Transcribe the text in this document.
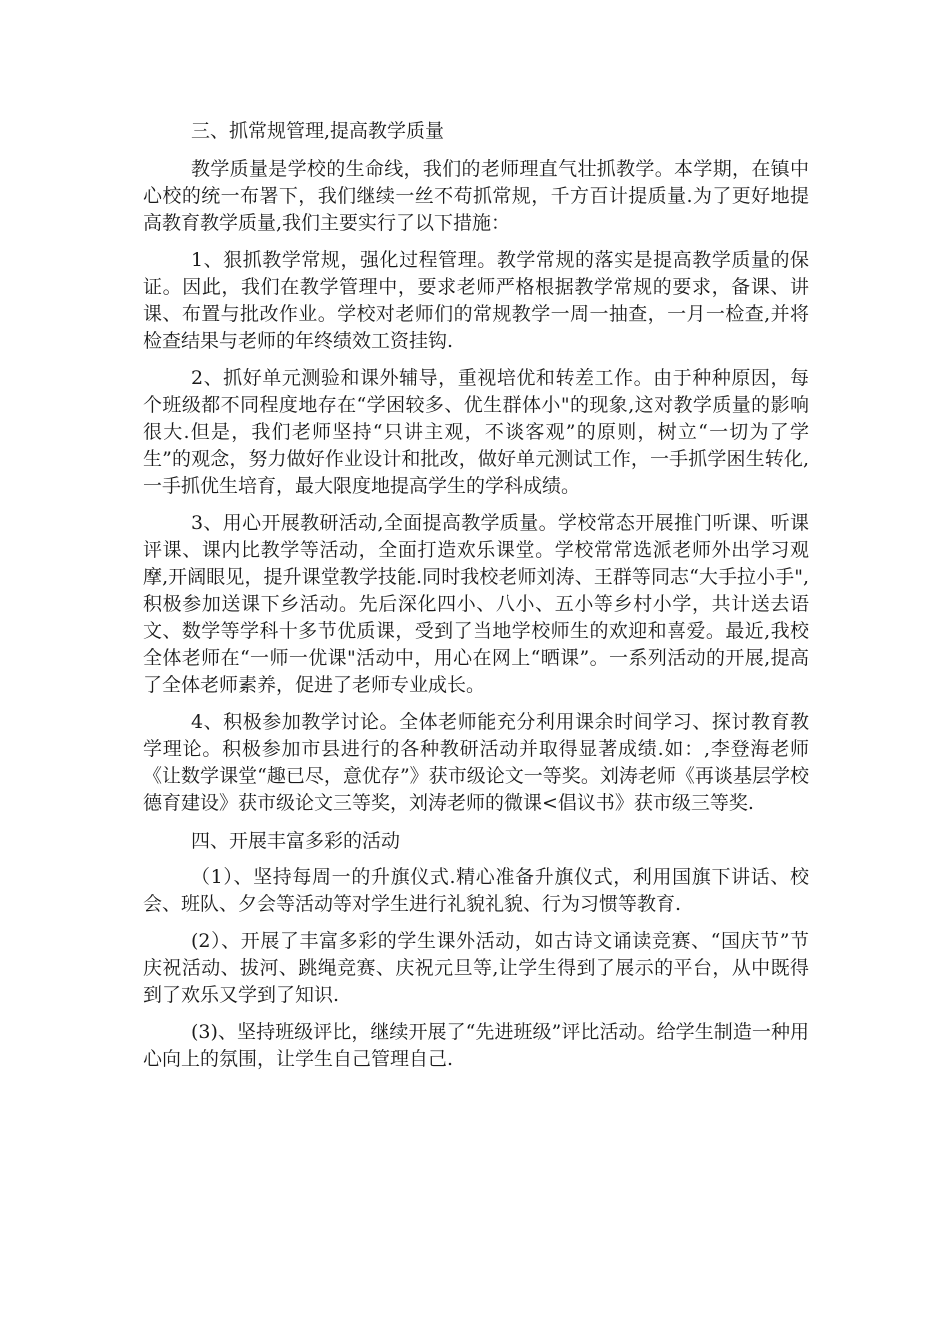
三、抓常规管理,提高教学质量

教学质量是学校的生命线，我们的老师理直气壮抓教学。本学期，在镇中心校的统一布署下，我们继续一丝不苟抓常规，千方百计提质量.为了更好地提高教育教学质量,我们主要实行了以下措施：

1、狠抓教学常规，强化过程管理。教学常规的落实是提高教学质量的保证。因此，我们在教学管理中，要求老师严格根据教学常规的要求，备课、讲课、布置与批改作业。学校对老师们的常规教学一周一抽查，一月一检查,并将检查结果与老师的年终绩效工资挂钩.

2、抓好单元测验和课外辅导，重视培优和转差工作。由于种种原因，每个班级都不同程度地存在“学困较多、优生群体小"的现象,这对教学质量的影响很大.但是，我们老师坚持“只讲主观，不谈客观”的原则，树立“一切为了学生”的观念，努力做好作业设计和批改，做好单元测试工作，一手抓学困生转化,一手抓优生培育，最大限度地提高学生的学科成绩。

3、用心开展教研活动,全面提高教学质量。学校常态开展推门听课、听课评课、课内比教学等活动，全面打造欢乐课堂。学校常常选派老师外出学习观摩,开阔眼见，提升课堂教学技能.同时我校老师刘涛、王群等同志“大手拉小手",积极参加送课下乡活动。先后深化四小、八小、五小等乡村小学，共计送去语文、数学等学科十多节优质课，受到了当地学校师生的欢迎和喜爱。最近,我校全体老师在“一师一优课"活动中，用心在网上“晒课”。一系列活动的开展,提高了全体老师素养，促进了老师专业成长。

4、积极参加教学讨论。全体老师能充分利用课余时间学习、探讨教育教学理论。积极参加市县进行的各种教研活动并取得显著成绩.如：,李登海老师《让数学课堂“趣已尽，意优存”》获市级论文一等奖。刘涛老师《再谈基层学校德育建设》获市级论文三等奖，刘涛老师的微课<倡议书》获市级三等奖.

四、开展丰富多彩的活动

（1）、坚持每周一的升旗仪式.精心准备升旗仪式，利用国旗下讲话、校会、班队、夕会等活动等对学生进行礼貌礼貌、行为习惯等教育.

(2）、开展了丰富多彩的学生课外活动，如古诗文诵读竞赛、“国庆节”节庆祝活动、拔河、跳绳竞赛、庆祝元旦等,让学生得到了展示的平台，从中既得到了欢乐又学到了知识.

(3)、坚持班级评比，继续开展了“先进班级”评比活动。给学生制造一种用心向上的氛围，让学生自己管理自己.
